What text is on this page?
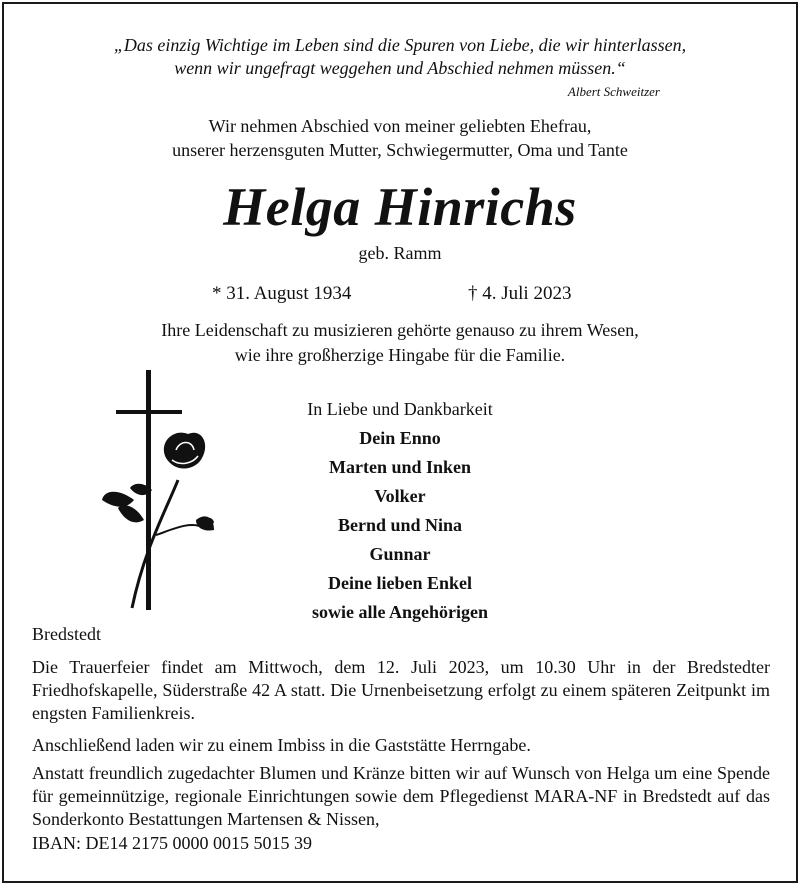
„Das einzig Wichtige im Leben sind die Spuren von Liebe, die wir hinterlassen,
wenn wir ungefragt weggehen und Abschied nehmen müssen.“
Albert Schweitzer
Wir nehmen Abschied von meiner geliebten Ehefrau,
unserer herzensguten Mutter, Schwiegermutter, Oma und Tante
Helga Hinrichs
geb. Ramm
* 31. August 1934	† 4. Juli 2023
Ihre Leidenschaft zu musizieren gehörte genauso zu ihrem Wesen,
wie ihre großherzige Hingabe für die Familie.
In Liebe und Dankbarkeit
Dein Enno
Marten und Inken
Volker
Bernd und Nina
Gunnar
Deine lieben Enkel
sowie alle Angehörigen
Bredstedt
Die Trauerfeier findet am Mittwoch, dem 12. Juli 2023, um 10.30 Uhr in der Bredstedter Friedhofskapelle, Süderstraße 42 A statt. Die Urnenbeisetzung erfolgt zu einem späteren Zeitpunkt im engsten Familienkreis.
Anschließend laden wir zu einem Imbiss in die Gaststätte Herrngabe.
Anstatt freundlich zugedachter Blumen und Kränze bitten wir auf Wunsch von Helga um eine Spende für gemeinnützige, regionale Einrichtungen sowie dem Pflegedienst MARA-NF in Bredstedt auf das Sonderkonto Bestattungen Martensen & Nissen,
IBAN: DE14 2175 0000 0015 5015 39
